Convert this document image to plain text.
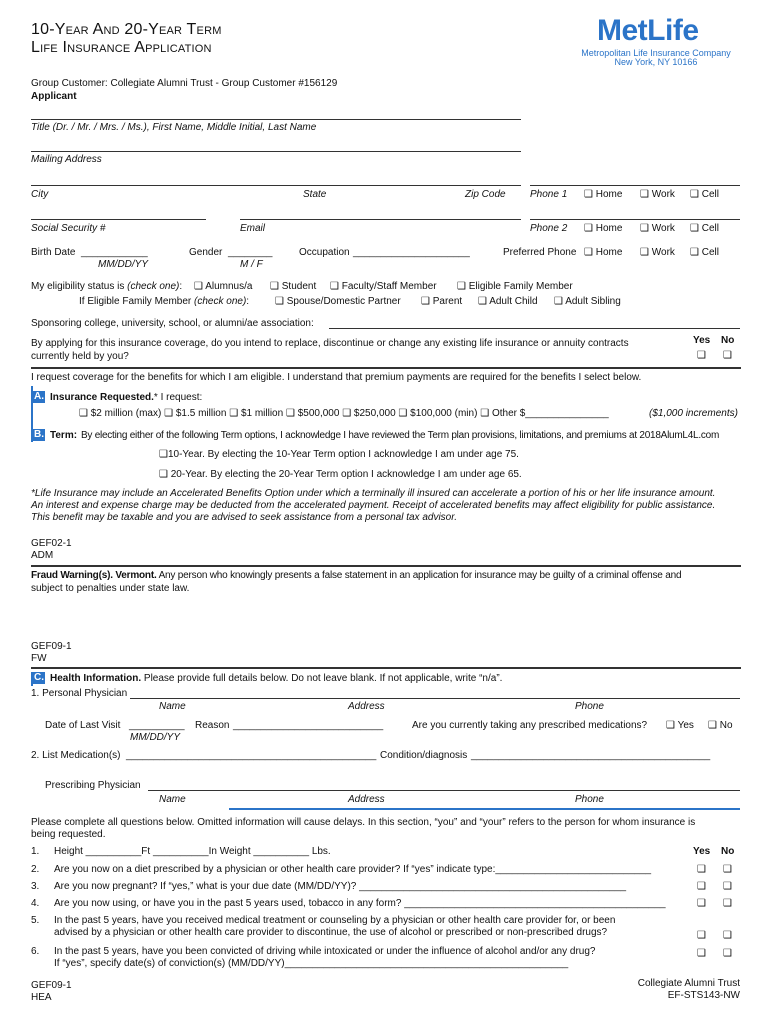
10-Year And 20-Year Term
Life Insurance Application
MetLife
Metropolitan Life Insurance Company
New York, NY 10166
Group Customer: Collegiate Alumni Trust - Group Customer #156129
Applicant
Title (Dr. / Mr. / Mrs. / Ms.), First Name, Middle Initial, Last Name
Mailing Address
City	State	Zip Code Phone 1 ❑ Home ❑ Work ❑ Cell
Social Security #	Email	Phone 2 ❑ Home ❑ Work ❑ Cell
Birth Date ____________
MM/DD/YY
Gender ________
M / F
Occupation _____________________	Preferred Phone ❑ Home ❑ Work ❑ Cell
My eligibility status is (check one): ❑ Alumnus/a ❑ Student ❑ Faculty/Staff Member ❑ Eligible Family Member
If Eligible Family Member (check one):	❑ Spouse/Domestic Partner ❑ Parent ❑ Adult Child ❑ Adult Sibling
Sponsoring college, university, school, or alumni/ae association:
By applying for this insurance coverage, do you intend to replace, discontinue or change any existing life insurance or annuity contracts
currently held by you?
Yes No
❑ ❑
I request coverage for the benefits for which I am eligible. I understand that premium payments are required for the benefits I select below.
A. Insurance Requested.* I request:
❑ $2 million (max) ❑ $1.5 million ❑ $1 million ❑ $500,000 ❑ $250,000 ❑ $100,000 (min) ❑ Other $_______________	($1,000 increments)
B. Term: By electing either of the following Term options, I acknowledge I have reviewed the Term plan provisions, limitations, and premiums at 2018AlumL4L.com
❑10-Year. By electing the 10-Year Term option I acknowledge I am under age 75.
❑ 20-Year. By electing the 20-Year Term option I acknowledge I am under age 65.
*Life Insurance may include an Accelerated Benefits Option under which a terminally ill insured can accelerate a portion of his or her life insurance amount.
An interest and expense charge may be deducted from the accelerated payment. Receipt of accelerated benefits may affect eligibility for public assistance.
This benefit may be taxable and you are advised to seek assistance from a personal tax advisor.
GEF02-1
ADM
Fraud Warning(s). Vermont. Any person who knowingly presents a false statement in an application for insurance may be guilty of a criminal offense and
subject to penalties under state law.
GEF09-1
FW
C. Health Information. Please provide full details below. Do not leave blank. If not applicable, write “n/a”.
1. Personal Physician
Name	Address	Phone
Date of Last Visit __________
MM/DD/YY
Reason ___________________________	Are you currently taking any prescribed medications? ❑ Yes ❑ No
2. List Medication(s) _____________________________________________ Condition/diagnosis ___________________________________________
Prescribing Physician
Name	Address	Phone
Please complete all questions below. Omitted information will cause delays. In this section, “you” and “your” refers to the person for whom insurance is
being requested.
Yes No
1. Height __________Ft __________In Weight __________ Lbs.
2. Are you now on a diet prescribed by a physician or other health care provider? If “yes” indicate type:____________________________	❑ ❑
3. Are you now pregnant? If “yes,” what is your due date (MM/DD/YY)? ________________________________________________	❑ ❑
4. Are you now using, or have you in the past 5 years used, tobacco in any form? _______________________________________________	❑ ❑
5. In the past 5 years, have you received medical treatment or counseling by a physician or other health care provider for, or been
advised by a physician or other health care provider to discontinue, the use of alcohol or prescribed or non-prescribed drugs?	❑ ❑
6. In the past 5 years, have you been convicted of driving while intoxicated or under the influence of alcohol and/or any drug?
If “yes”, specify date(s) of conviction(s) (MM/DD/YY)___________________________________________________
❑ ❑
GEF09-1
HEA
Collegiate Alumni Trust
EF-STS143-NW
